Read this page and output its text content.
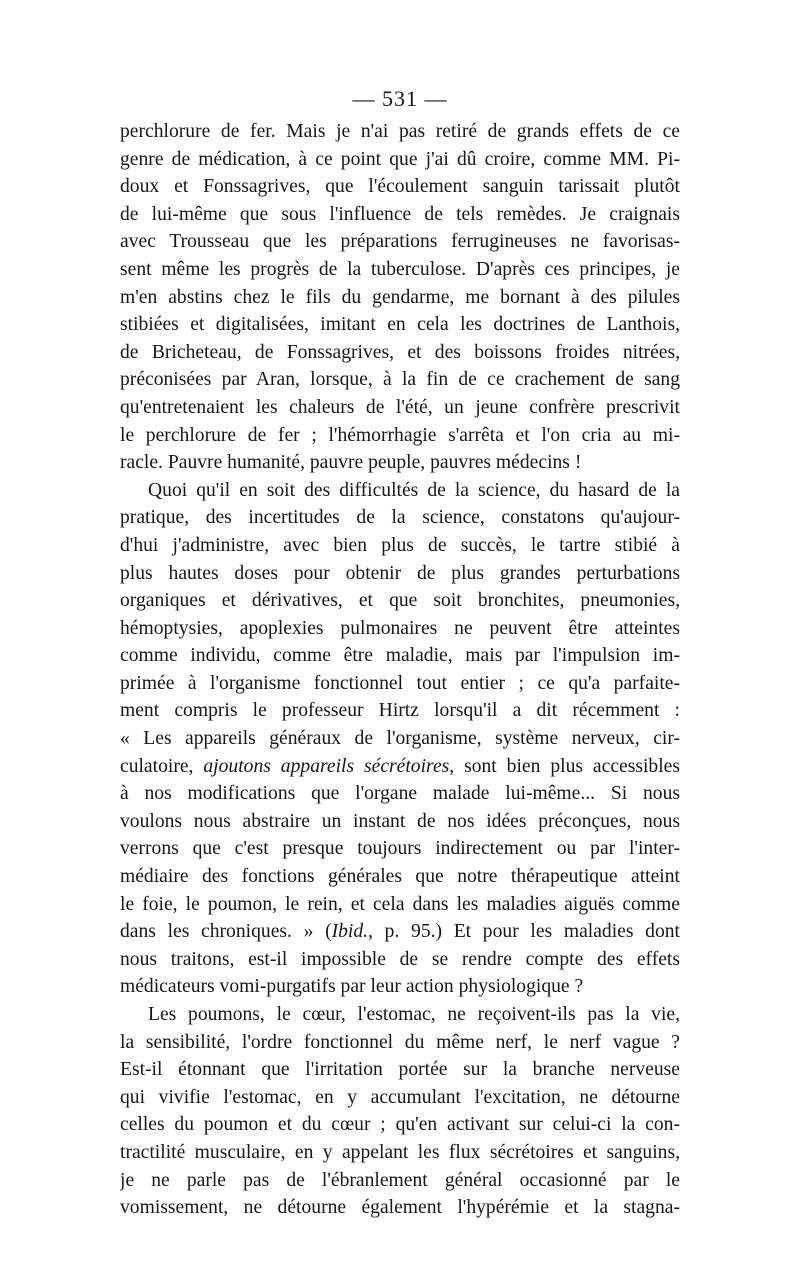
— 531 —
perchlorure de fer. Mais je n'ai pas retiré de grands effets de ce
genre de médication, à ce point que j'ai dû croire, comme MM. Pi-
doux et Fonssagrives, que l'écoulement sanguin tarissait plutôt
de lui-même que sous l'influence de tels remèdes. Je craignais
avec Trousseau que les préparations ferrugineuses ne favorisas-
sent même les progrès de la tuberculose. D'après ces principes, je
m'en abstins chez le fils du gendarme, me bornant à des pilules
stibiées et digitalisées, imitant en cela les doctrines de Lanthois,
de Bricheteau, de Fonssagrives, et des boissons froides nitrées,
préconisées par Aran, lorsque, à la fin de ce crachement de sang
qu'entretenaient les chaleurs de l'été, un jeune confrère prescrivit
le perchlorure de fer ; l'hémorrhagie s'arrêta et l'on cria au mi-
racle. Pauvre humanité, pauvre peuple, pauvres médecins !
Quoi qu'il en soit des difficultés de la science, du hasard de la
pratique, des incertitudes de la science, constatons qu'aujour-
d'hui j'administre, avec bien plus de succès, le tartre stibié à
plus hautes doses pour obtenir de plus grandes perturbations
organiques et dérivatives, et que soit bronchites, pneumonies,
hémoptysies, apoplexies pulmonaires ne peuvent être atteintes
comme individu, comme être maladie, mais par l'impulsion im-
primée à l'organisme fonctionnel tout entier ; ce qu'a parfaite-
ment compris le professeur Hirtz lorsqu'il a dit récemment :
« Les appareils généraux de l'organisme, système nerveux, cir-
culatoire, ajoutons appareils sécrétoires, sont bien plus accessibles
à nos modifications que l'organe malade lui-même... Si nous
voulons nous abstraire un instant de nos idées préconçues, nous
verrons que c'est presque toujours indirectement ou par l'inter-
médiaire des fonctions générales que notre thérapeutique atteint
le foie, le poumon, le rein, et cela dans les maladies aiguës comme
dans les chroniques. » (Ibid., p. 95.) Et pour les maladies dont
nous traitons, est-il impossible de se rendre compte des effets
médicateurs vomi-purgatifs par leur action physiologique ?
Les poumons, le cœur, l'estomac, ne reçoivent-ils pas la vie,
la sensibilité, l'ordre fonctionnel du même nerf, le nerf vague ?
Est-il étonnant que l'irritation portée sur la branche nerveuse
qui vivifie l'estomac, en y accumulant l'excitation, ne détourne
celles du poumon et du cœur ; qu'en activant sur celui-ci la con-
tractilité musculaire, en y appelant les flux sécrétoires et sanguins,
je ne parle pas de l'ébranlement général occasionné par le
vomissement, ne détourne également l'hypérémie et la stagna-
